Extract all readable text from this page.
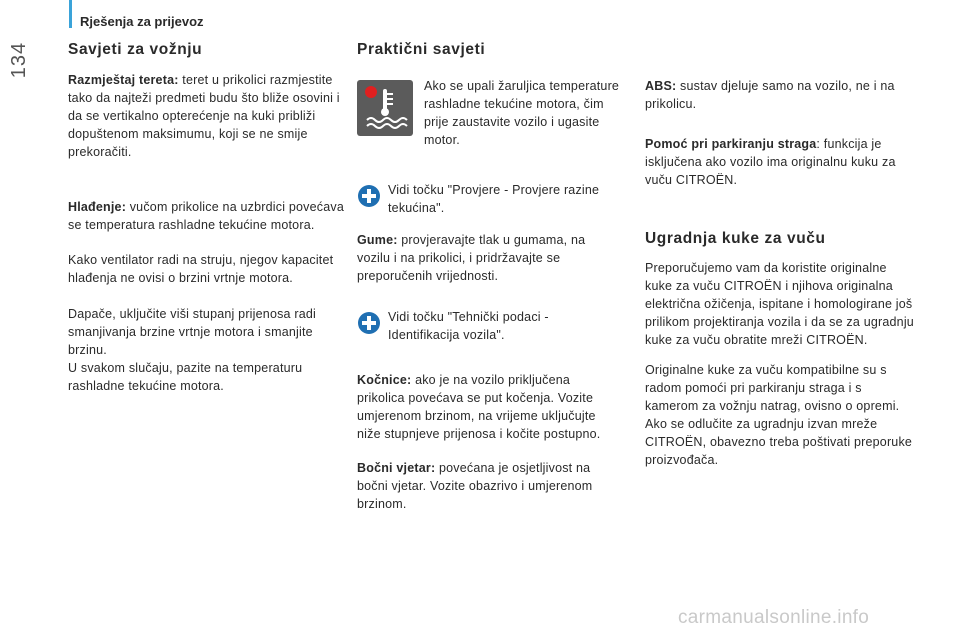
Rješenja za prijevoz
134	Savjeti za vožnju

Razmještaj tereta: teret u prikolici razmjestite tako da najteži predmeti budu što bliže osovini i da se vertikalno opterećenje na kuki približi dopuštenom maksimumu, koji se ne smije prekoračiti.

Hlađenje: vučom prikolice na uzbrdici povećava se temperatura rashladne tekućine motora.

Kako ventilator radi na struju, njegov kapacitet hlađenja ne ovisi o brzini vrtnje motora.

Dapače, uključite viši stupanj prijenosa radi smanjivanja brzine vrtnje motora i smanjite brzinu.

U svakom slučaju, pazite na temperaturu rashladne tekućine motora.

Praktični savjeti

Ako se upali žaruljica temperature rashladne tekućine motora, čim prije zaustavite vozilo i ugasite motor.

Vidi točku "Provjere - Provjere razine tekućina".

Gume: provjeravajte tlak u gumama, na vozilu i na prikolici, i pridržavajte se preporučenih vrijednosti.

Vidi točku "Tehnički podaci - Identifikacija vozila".

Kočnice: ako je na vozilo priključena prikolica povećava se put kočenja. Vozite umjerenom brzinom, na vrijeme uključujte niže stupnjeve prijenosa i kočite postupno.

Bočni vjetar: povećana je osjetljivost na bočni vjetar. Vozite obazrivo i umjerenom brzinom.

ABS: sustav djeluje samo na vozilo, ne i na prikolicu.

Pomoć pri parkiranju straga: funkcija je isključena ako vozilo ima originalnu kuku za vuču CITROËN.

Ugradnja kuke za vuču

Preporučujemo vam da koristite originalne kuke za vuču CITROËN i njihova originalna električna ožičenja, ispitane i homologirane još prilikom projektiranja vozila i da se za ugradnju kuke za vuču obratite mreži CITROËN.

Originalne kuke za vuču kompatibilne su s radom pomoći pri parkiranju straga i s kamerom za vožnju natrag, ovisno o opremi.

Ako se odlučite za ugradnju izvan mreže CITROËN, obavezno treba poštivati preporuke proizvođača.

carmanualsonline.info
